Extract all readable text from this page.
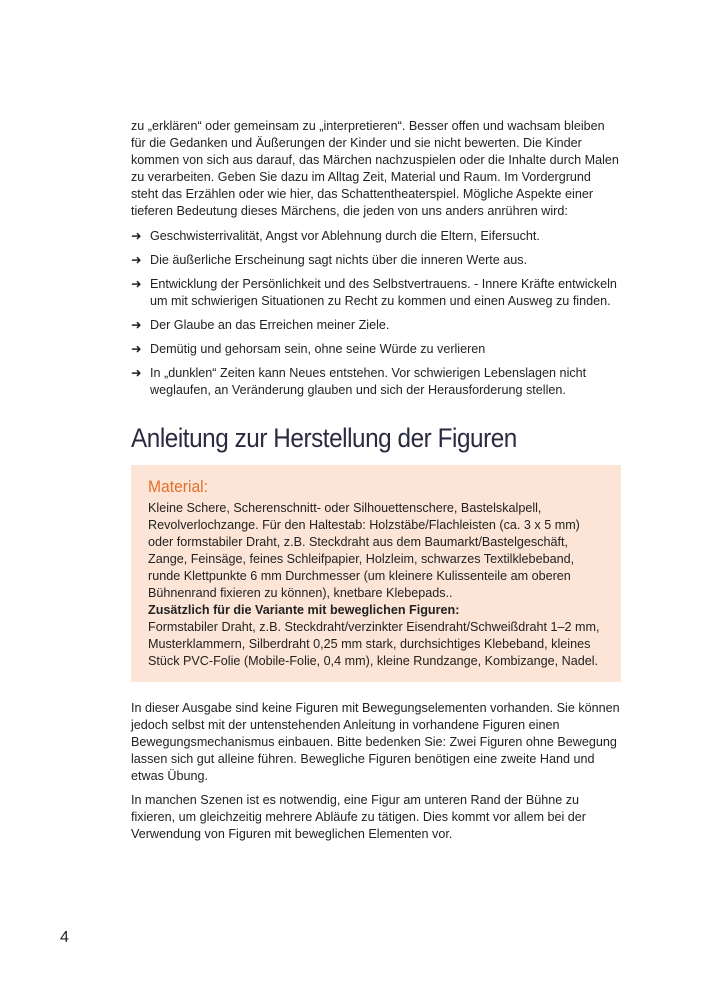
zu „erklären“ oder gemeinsam zu „interpretieren“. Besser offen und wachsam bleiben für die Gedanken und Äußerungen der Kinder und sie nicht bewerten. Die Kinder kommen von sich aus darauf, das Märchen nachzuspielen oder die Inhalte durch Malen zu verarbeiten. Geben Sie dazu im Alltag Zeit, Material und Raum. Im Vordergrund steht das Erzählen oder wie hier, das Schattentheaterspiel. Mögliche Aspekte einer tieferen Bedeutung dieses Märchens, die jeden von uns anders anrühren wird:

➜ Geschwisterrivalität, Angst vor Ablehnung durch die Eltern, Eifersucht.
➜ Die äußerliche Erscheinung sagt nichts über die inneren Werte aus.
➜ Entwicklung der Persönlichkeit und des Selbstvertrauens. - Innere Kräfte entwickeln um mit schwierigen Situationen zu Recht zu kommen und einen Ausweg zu finden.
➜ Der Glaube an das Erreichen meiner Ziele.
➜ Demütig und gehorsam sein, ohne seine Würde zu verlieren
➜ In „dunklen“ Zeiten kann Neues entstehen. Vor schwierigen Lebenslagen nicht weglaufen, an Veränderung glauben und sich der Herausforderung stellen.
Anleitung zur Herstellung der Figuren
Material:

Kleine Schere, Scherenschnitt- oder Silhouettenschere, Bastelskalpell, Revolverlochzange. Für den Haltestab: Holzstäbe/Flachleisten (ca. 3 x 5 mm) oder formstabiler Draht, z.B. Steckdraht aus dem Baumarkt/Bastelgeschäft, Zange, Feinsäge, feines Schleifpapier, Holzleim, schwarzes Textilklebeband, runde Klettpunkte 6 mm Durchmesser (um kleinere Kulissenteile am oberen Bühnenrand fixieren zu können), knetbare Klebepads..

Zusätzlich für die Variante mit beweglichen Figuren:

Formstabiler Draht, z.B. Steckdraht/verzinkter Eisendraht/Schweißdraht 1–2 mm, Musterklammern, Silberdraht 0,25 mm stark, durchsichtiges Klebeband, kleines Stück PVC-Folie (Mobile-Folie, 0,4 mm), kleine Rundzange, Kombizange, Nadel.

In dieser Ausgabe sind keine Figuren mit Bewegungselementen vorhanden. Sie können jedoch selbst mit der untenstehenden Anleitung in vorhandene Figuren einen Bewegungsmechanismus einbauen. Bitte bedenken Sie: Zwei Figuren ohne Bewegung lassen sich gut alleine führen. Bewegliche Figuren benötigen eine zweite Hand und etwas Übung.

In manchen Szenen ist es notwendig, eine Figur am unteren Rand der Bühne zu fixieren, um gleichzeitig mehrere Abläufe zu tätigen. Dies kommt vor allem bei der Verwendung von Figuren mit beweglichen Elementen vor.

4
